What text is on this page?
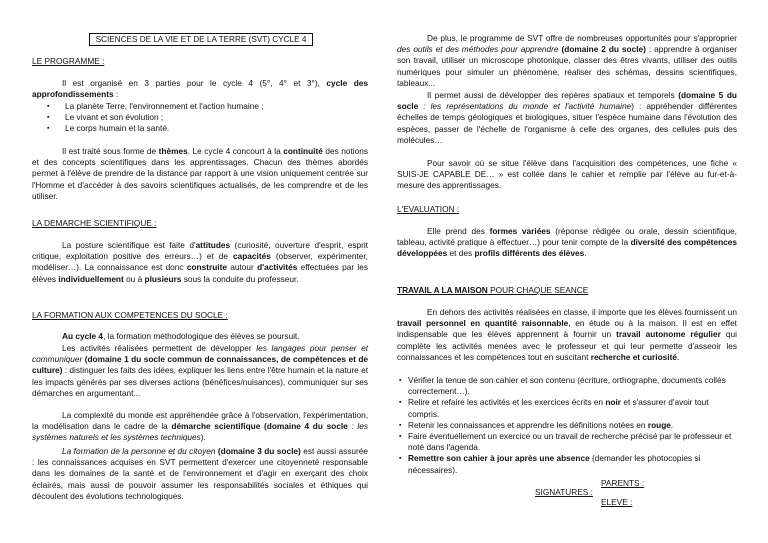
SCIENCES DE LA VIE ET DE LA TERRE (SVT) CYCLE 4
LE PROGRAMME :

Il est organisé en 3 parties pour le cycle 4 (5°, 4° et 3°), cycle des approfondissements :

▪ La planète Terre, l'environnement et l'action humaine ;
▪ Le vivant et son évolution ;
▪ Le corps humain et la santé.

Il est traité sous forme de thèmes. Le cycle 4 concourt à la continuité des notions et des concepts scientifiques dans les apprentissages. Chacun des thèmes abordés permet à l'élève de prendre de la distance par rapport à une vision uniquement centrée sur l'Homme et d'accéder à des savoirs scientifiques actualisés, de les comprendre et de les utiliser.

LA DEMARCHE SCIENTIFIQUE :

La posture scientifique est faite d'attitudes (curiosité, ouverture d'esprit, esprit critique, exploitation positive des erreurs…) et de capacités (observer, expérimenter, modéliser…). La connaissance est donc construite autour d'activités effectuées par les élèves individuellement ou à plusieurs sous la conduite du professeur.

LA FORMATION AUX COMPETENCES DU SOCLE :

Au cycle 4, la formation méthodologique des élèves se poursuit.

Les activités réalisées permettent de développer les langages pour penser et communiquer (domaine 1 du socle commun de connaissances, de compétences et de culture) : distinguer les faits des idées, expliquer les liens entre l'être humain et la nature et les impacts générés par ses diverses actions (bénéfices/nuisances), communiquer sur ses démarches en argumentant...

La complexité du monde est appréhendée grâce à l'observation, l'expérimentation, la modélisation dans le cadre de la démarche scientifique (domaine 4 du socle : les systèmes naturels et les systèmes techniques).

La formation de la personne et du citoyen (domaine 3 du socle) est aussi assurée : les connaissances acquises en SVT permettent d'exercer une citoyenneté responsable dans les domaines de la santé et de l'environnement et d'agir en exerçant des choix éclairés, mais aussi de pouvoir assumer les responsabilités sociales et éthiques qui découlent des évolutions technologiques.

De plus, le programme de SVT offre de nombreuses opportunités pour s'approprier des outils et des méthodes pour apprendre (domaine 2 du socle) : apprendre à organiser son travail, utiliser un microscope photonique, classer des êtres vivants, utiliser des outils numériques pour simuler un phénomène, réaliser des schémas, dessins scientifiques, tableaux...

Il permet aussi de développer des repères spatiaux et temporels (domaine 5 du socle : les représentations du monde et l'activité humaine) : appréhender différentes échelles de temps géologiques et biologiques, situer l'espèce humaine dans l'évolution des espèces, passer de l'échelle de l'organisme à celle des organes, des cellules puis des molécules…

Pour savoir où se situe l'élève dans l'acquisition des compétences, une fiche « SUIS-JE CAPABLE DE… » est collée dans le cahier et remplie par l'élève au fur-et-à-mesure des apprentissages.

L'EVALUATION :

Elle prend des formes variées (réponse rédigée ou orale, dessin scientifique, tableau, activité pratique à effectuer…) pour tenir compte de la diversité des compétences développées et des profils différents des élèves.

TRAVAIL A LA MAISON POUR CHAQUE SEANCE

En dehors des activités réalisées en classe, il importe que les élèves fournissent un travail personnel en quantité raisonnable, en étude ou à la maison. Il est en effet indispensable que les élèves apprennent à fournir un travail autonome régulier qui complète les activités menées avec le professeur et qui leur permette d'asseoir les connaissances et les compétences tout en suscitant recherche et curiosité.

▪ Vérifier la tenue de son cahier et son contenu (écriture, orthographe, documents collés correctement…).
▪ Relire et refaire les activités et les exercices écrits en noir et s'assurer d'avoir tout compris.
▪ Retenir les connaissances et apprendre les définitions notées en rouge.
▪ Faire éventuellement un exercice ou un travail de recherche précisé par le professeur et noté dans l'agenda.
▪ Remettre son cahier à jour après une absence (demander les photocopies si nécessaires).
SIGNATURES :
PARENTS :
ELEVE :
